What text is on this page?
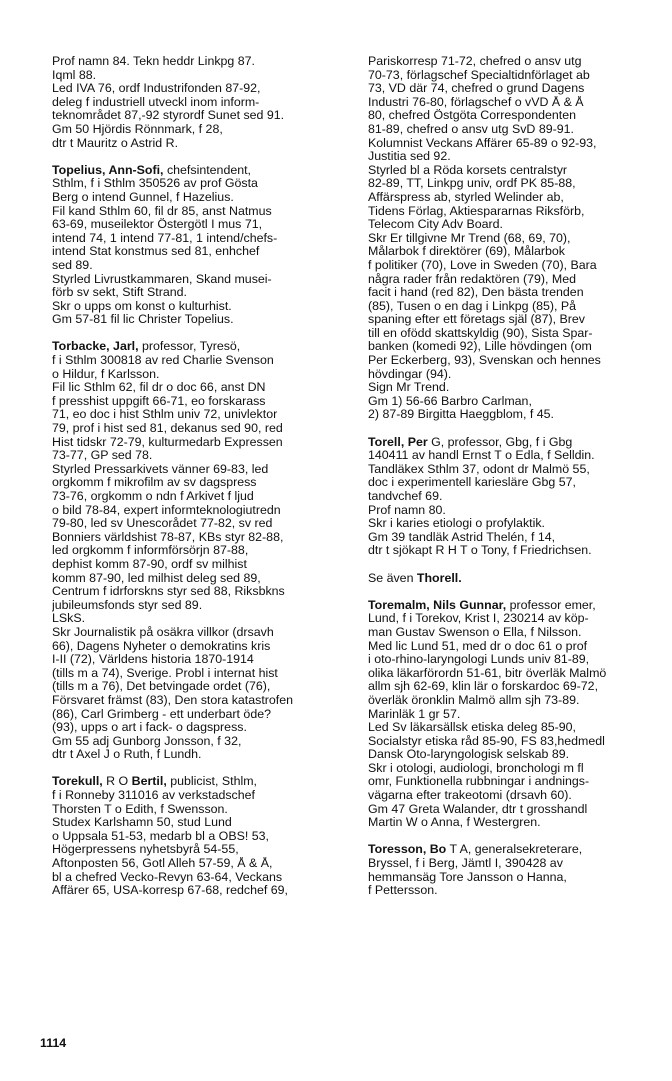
Prof namn 84. Tekn heddr Linkpg 87.
Iqml 88.
Led IVA 76, ordf Industrifonden 87-92,
deleg f industriell utveckl inom inform-
teknområdet 87,-92 styrordf Sunet sed 91.
Gm 50 Hjördis Rönnmark, f 28,
dtr t Mauritz o Astrid R.
Topelius, Ann-Sofi, chefsintendent,
Sthlm, f i Sthlm 350526 av prof Gösta
Berg o intend Gunnel, f Hazelius.
Fil kand Sthlm 60, fil dr 85, anst Natmus
63-69, museilektor Östergötl I mus 71,
intend 74, 1 intend 77-81, 1 intend/chefs-
intend Stat konstmus sed 81, enhchef
sed 89.
Styrled Livrustkammaren, Skand musei-
förb sv sekt, Stift Strand.
Skr o upps om konst o kulturhist.
Gm 57-81 fil lic Christer Topelius.
Torbacke, Jarl, professor, Tyresö,
f i Sthlm 300818 av red Charlie Svenson
o Hildur, f Karlsson.
Fil lic Sthlm 62, fil dr o doc 66, anst DN
f presshist uppgift 66-71, eo forskarass
71, eo doc i hist Sthlm univ 72, univlektor
79, prof i hist sed 81, dekanus sed 90, red
Hist tidskr 72-79, kulturmedarb Expressen
73-77, GP sed 78.
Styrled Pressarkivets vänner 69-83, led
orgkomm f mikrofilm av sv dagspress
73-76, orgkomm o ndn f Arkivet f ljud
o bild 78-84, expert informteknologiutredn
79-80, led sv Unescorådet 77-82, sv red
Bonniers världshist 78-87, KBs styr 82-88,
led orgkomm f informförsörjn 87-88,
dephist komm 87-90, ordf sv milhist
komm 87-90, led milhist deleg sed 89,
Centrum f idrforskns styr sed 88, Riksbkns
jubileumsfonds styr sed 89.
LSkS.
Skr Journalistik på osäkra villkor (drsavh
66), Dagens Nyheter o demokratins kris
I-II (72), Världens historia 1870-1914
(tills m a 74), Sverige. Probl i internat hist
(tills m a 76), Det betvingade ordet (76),
Försvaret främst (83), Den stora katastrofen
(86), Carl Grimberg - ett underbart öde?
(93), upps o art i fack- o dagspress.
Gm 55 adj Gunborg Jonsson, f 32,
dtr t Axel J o Ruth, f Lundh.
Torekull, R O Bertil, publicist, Sthlm,
f i Ronneby 311016 av verkstadschef
Thorsten T o Edith, f Swensson.
Studex Karlshamn 50, stud Lund
o Uppsala 51-53, medarb bl a OBS! 53,
Högerpressens nyhetsbyrå 54-55,
Aftonposten 56, Gotl Alleh 57-59, Å & Å,
bl a chefred Vecko-Revyn 63-64, Veckans
Affärer 65, USA-korresp 67-68, redchef 69,
Pariskorresp 71-72, chefred o ansv utg
70-73, förlagschef Specialtidnförlaget ab
73, VD där 74, chefred o grund Dagens
Industri 76-80, förlagschef o vVD Å & Å
80, chefred Östgöta Correspondenten
81-89, chefred o ansv utg SvD 89-91.
Kolumnist Veckans Affärer 65-89 o 92-93,
Justitia sed 92.
Styrled bl a Röda korsets centralstyr
82-89, TT, Linkpg univ, ordf PK 85-88,
Affärspress ab, styrled Welinder ab,
Tidens Förlag, Aktiespararnas Riksförb,
Telecom City Adv Board.
Skr Er tillgivne Mr Trend (68, 69, 70),
Målarbok f direktörer (69), Målarbok
f politiker (70), Love in Sweden (70), Bara
några rader från redaktören (79), Med
facit i hand (red 82), Den bästa trenden
(85), Tusen o en dag i Linkpg (85), På
spaning efter ett företags själ (87), Brev
till en ofödd skattskyldig (90), Sista Spar-
banken (komedi 92), Lille hövdingen (om
Per Eckerberg, 93), Svenskan och hennes
hövdingar (94).
Sign Mr Trend.
Gm 1) 56-66 Barbro Carlman,
2) 87-89 Birgitta Haeggblom, f 45.
Torell, Per G, professor, Gbg, f i Gbg
140411 av handl Ernst T o Edla, f Selldin.
Tandläkex Sthlm 37, odont dr Malmö 55,
doc i experimentell kariesläre Gbg 57,
tandvchef 69.
Prof namn 80.
Skr i karies etiologi o profylaktik.
Gm 39 tandläk Astrid Thelén, f 14,
dtr t sjökapt R H T o Tony, f Friedrichsen.
Se även Thorell.
Toremalm, Nils Gunnar, professor emer,
Lund, f i Torekov, Krist I, 230214 av köp-
man Gustav Swenson o Ella, f Nilsson.
Med lic Lund 51, med dr o doc 61 o prof
i oto-rhino-laryngologi Lunds univ 81-89,
olika läkarförordn 51-61, bitr överläk Malmö
allm sjh 62-69, klin lär o forskardoc 69-72,
överläk öronklin Malmö allm sjh 73-89.
Marinläk 1 gr 57.
Led Sv läkarsällsk etiska deleg 85-90,
Socialstyr etiska råd 85-90, FS 83,hedmedl
Dansk Oto-laryngologisk selskab 89.
Skr i otologi, audiologi, bronchologi m fl
omr, Funktionella rubbningar i andnings-
vägarna efter trakeotomi (drsavh 60).
Gm 47 Greta Walander, dtr t grosshandl
Martin W o Anna, f Westergren.
Toresson, Bo T A, generalsekreterare,
Bryssel, f i Berg, Jämtl I, 390428 av
hemmansäg Tore Jansson o Hanna,
f Pettersson.
1114
